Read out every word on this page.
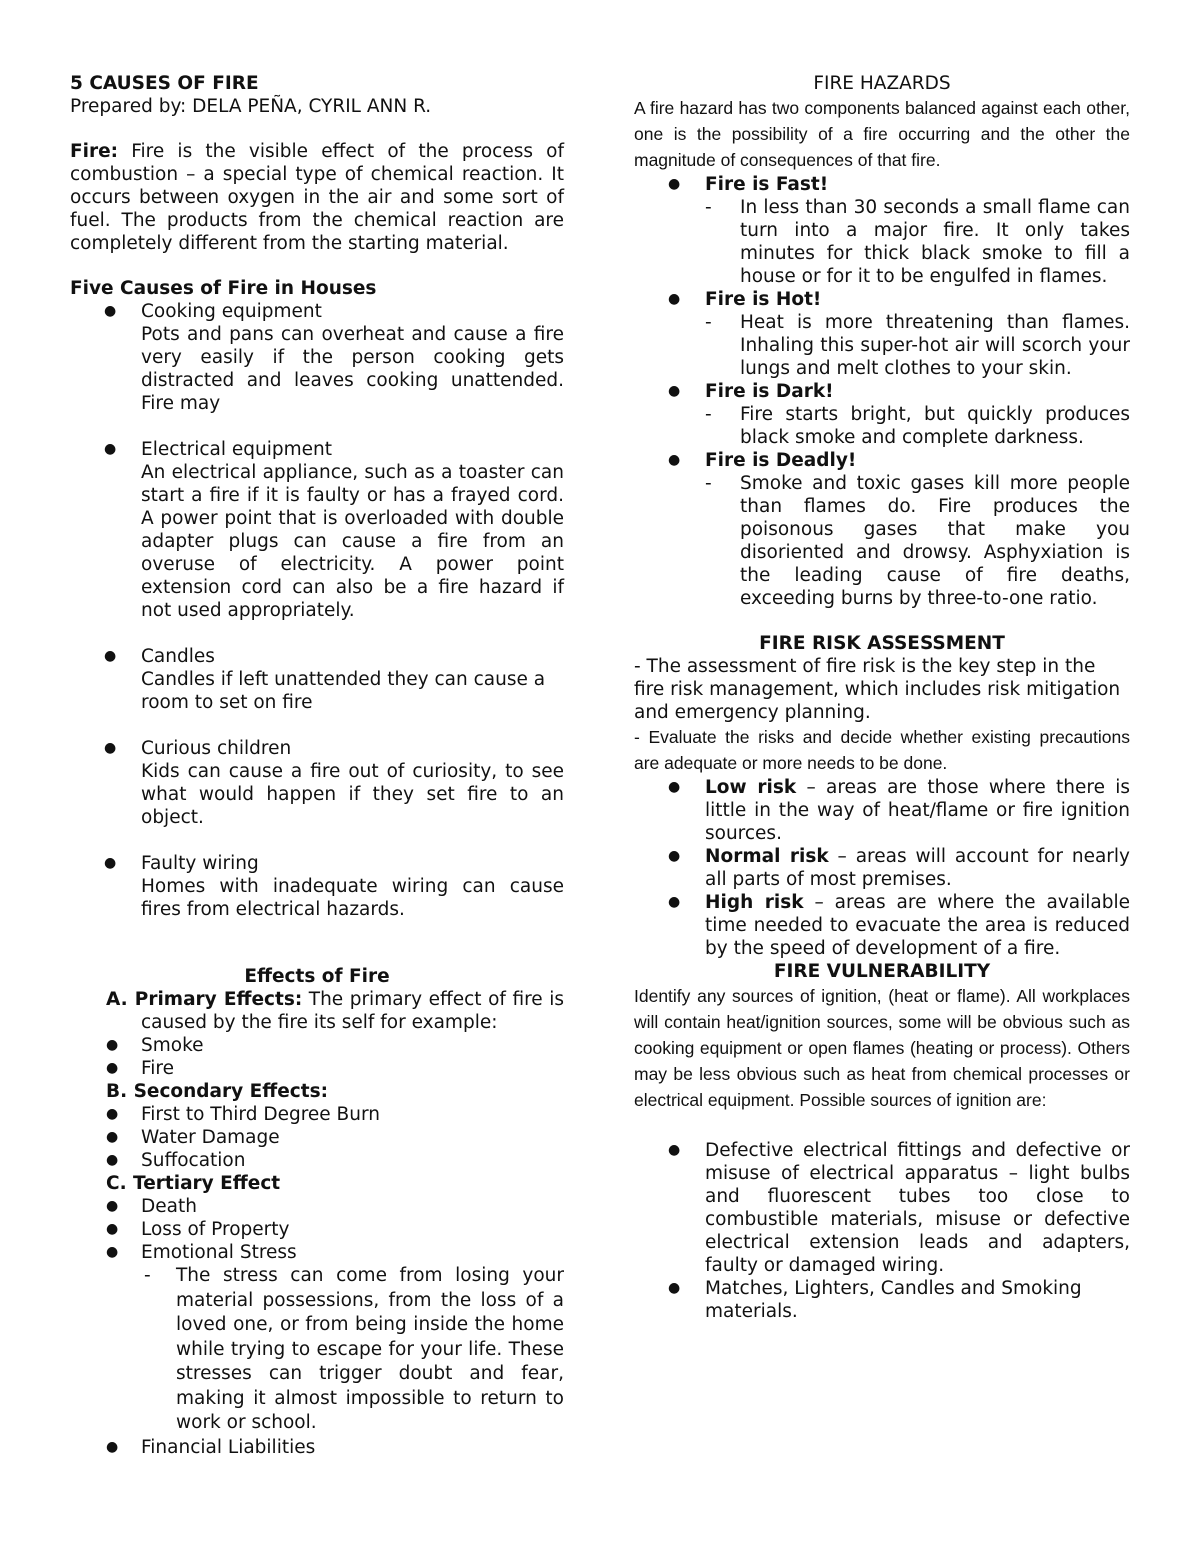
5 CAUSES OF FIRE

Prepared by: DELA PEÑA, CYRIL ANN R.

Fire: Fire is the visible effect of the process of combustion – a special type of chemical reaction. It occurs between oxygen in the air and some sort of fuel. The products from the chemical reaction are completely different from the starting material.

Five Causes of Fire in Houses

● Cooking equipment
Pots and pans can overheat and cause a fire very easily if the person cooking gets distracted and leaves cooking unattended. Fire may
● Electrical equipment
An electrical appliance, such as a toaster can start a fire if it is faulty or has a frayed cord. A power point that is overloaded with double adapter plugs can cause a fire from an overuse of electricity. A power point extension cord can also be a fire hazard if not used appropriately.
● Candles
Candles if left unattended they can cause a room to set on fire
● Curious children
Kids can cause a fire out of curiosity, to see what would happen if they set fire to an object.
● Faulty wiring
Homes with inadequate wiring can cause fires from electrical hazards.

Effects of Fire

A. Primary Effects: The primary effect of fire is caused by the fire its self for example:

● Smoke
● Fire

B. Secondary Effects:

● First to Third Degree Burn
● Water Damage
● Suffocation

C. Tertiary Effect

● Death
● Loss of Property
● Emotional Stress
- The stress can come from losing your material possessions, from the loss of a loved one, or from being inside the home while trying to escape for your life. These stresses can trigger doubt and fear, making it almost impossible to return to work or school.
● Financial Liabilities

FIRE HAZARDS

A fire hazard has two components balanced against each other, one is the possibility of a fire occurring and the other the magnitude of consequences of that fire.

● Fire is Fast!
- In less than 30 seconds a small flame can turn into a major fire. It only takes minutes for thick black smoke to fill a house or for it to be engulfed in flames.
● Fire is Hot!
- Heat is more threatening than flames. Inhaling this super-hot air will scorch your lungs and melt clothes to your skin.
● Fire is Dark!
- Fire starts bright, but quickly produces black smoke and complete darkness.
● Fire is Deadly!
- Smoke and toxic gases kill more people than flames do. Fire produces the poisonous gases that make you disoriented and drowsy. Asphyxiation is the leading cause of fire deaths, exceeding burns by three-to-one ratio.

FIRE RISK ASSESSMENT

- The assessment of fire risk is the key step in the fire risk management, which includes risk mitigation and emergency planning.

- Evaluate the risks and decide whether existing precautions are adequate or more needs to be done.

● Low risk – areas are those where there is little in the way of heat/flame or fire ignition sources.
● Normal risk – areas will account for nearly all parts of most premises.
● High risk – areas are where the available time needed to evacuate the area is reduced by the speed of development of a fire.

FIRE VULNERABILITY

Identify any sources of ignition, (heat or flame). All workplaces will contain heat/ignition sources, some will be obvious such as cooking equipment or open flames (heating or process). Others may be less obvious such as heat from chemical processes or electrical equipment. Possible sources of ignition are:

● Defective electrical fittings and defective or misuse of electrical apparatus – light bulbs and fluorescent tubes too close to combustible materials, misuse or defective electrical extension leads and adapters, faulty or damaged wiring.
● Matches, Lighters, Candles and Smoking materials.
